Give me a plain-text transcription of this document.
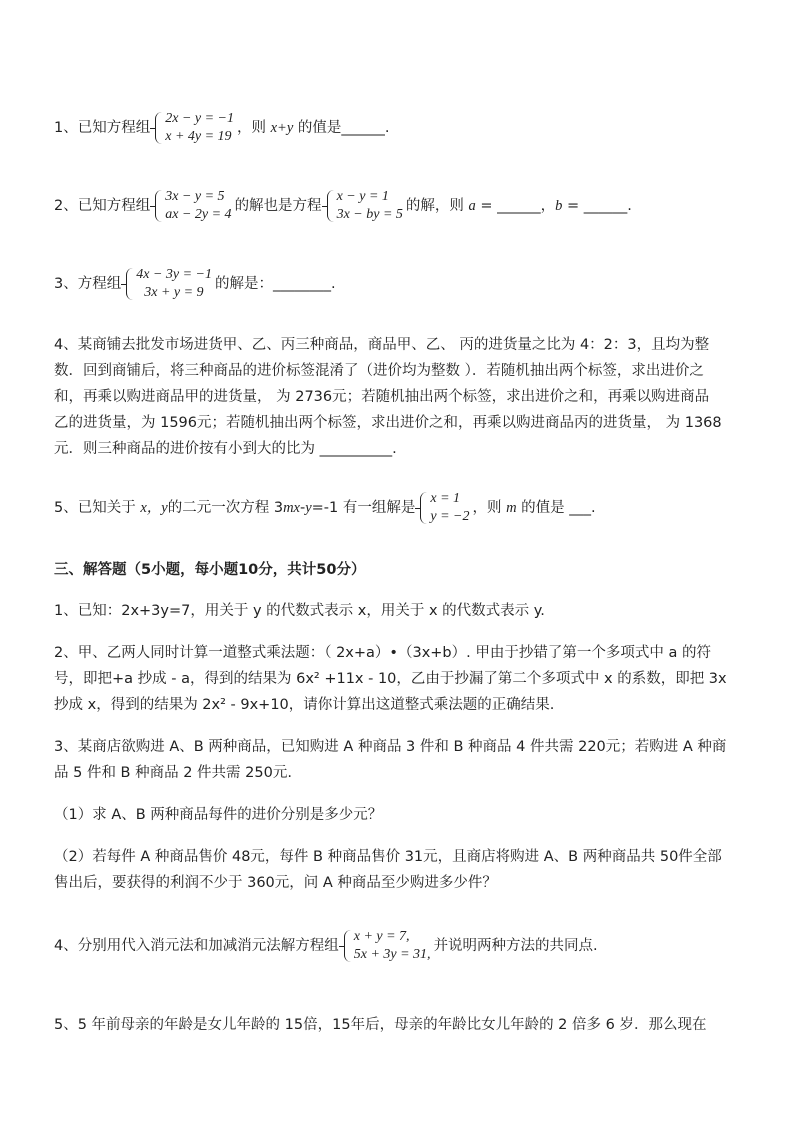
1、已知方程组
2x − y = −1
x + 4y = 19
，则 x+y 的值是______.
2、已知方程组
3x − y = 5
ax − 2y = 4
的解也是方程
x − y = 1
3x − by = 5
的解，则 a = ______，b = ______.
3、方程组
4x − 3y = −1
3x + y = 9
的解是：________.
4、某商铺去批发市场进货甲、乙、丙三种商品，商品甲、乙、 丙的进货量之比为 4：2：3，且均为整
数．回到商铺后，将三种商品的进价标签混淆了（进价均为整数 ）．若随机抽出两个标签，求出进价之
和，再乘以购进商品甲的进货量， 为 2736元；若随机抽出两个标签，求出进价之和，再乘以购进商品
乙的进货量，为 1596元；若随机抽出两个标签，求出进价之和，再乘以购进商品丙的进货量， 为 1368
元．则三种商品的进价按有小到大的比为 __________.
5、已知关于 x，y的二元一次方程 3mx-y=-1 有一组解是
x = 1
y = −2
，则 m 的值是 ___.
三、解答题（5小题，每小题10分，共计50分）
1、已知：2x+3y=7，用关于 y 的代数式表示 x，用关于 x 的代数式表示 y.
2、甲、乙两人同时计算一道整式乘法题：（ 2x+a）•（3x+b）. 甲由于抄错了第一个多项式中 a 的符
号，即把+a 抄成 - a，得到的结果为 6x² +11x - 10，乙由于抄漏了第二个多项式中 x 的系数，即把 3x
抄成 x，得到的结果为 2x² - 9x+10，请你计算出这道整式乘法题的正确结果.
3、某商店欲购进 A、B 两种商品，已知购进 A 种商品 3 件和 B 种商品 4 件共需 220元；若购进 A 种商
品 5 件和 B 种商品 2 件共需 250元.
（1）求 A、B 两种商品每件的进价分别是多少元？
（2）若每件 A 种商品售价 48元，每件 B 种商品售价 31元，且商店将购进 A、B 两种商品共 50件全部
售出后，要获得的利润不少于 360元，问 A 种商品至少购进多少件？
4、分别用代入消元法和加减消元法解方程组
x + y = 7,
5x + 3y = 31,
并说明两种方法的共同点.
5、5 年前母亲的年龄是女儿年龄的 15倍，15年后，母亲的年龄比女儿年龄的 2 倍多 6 岁．那么现在
